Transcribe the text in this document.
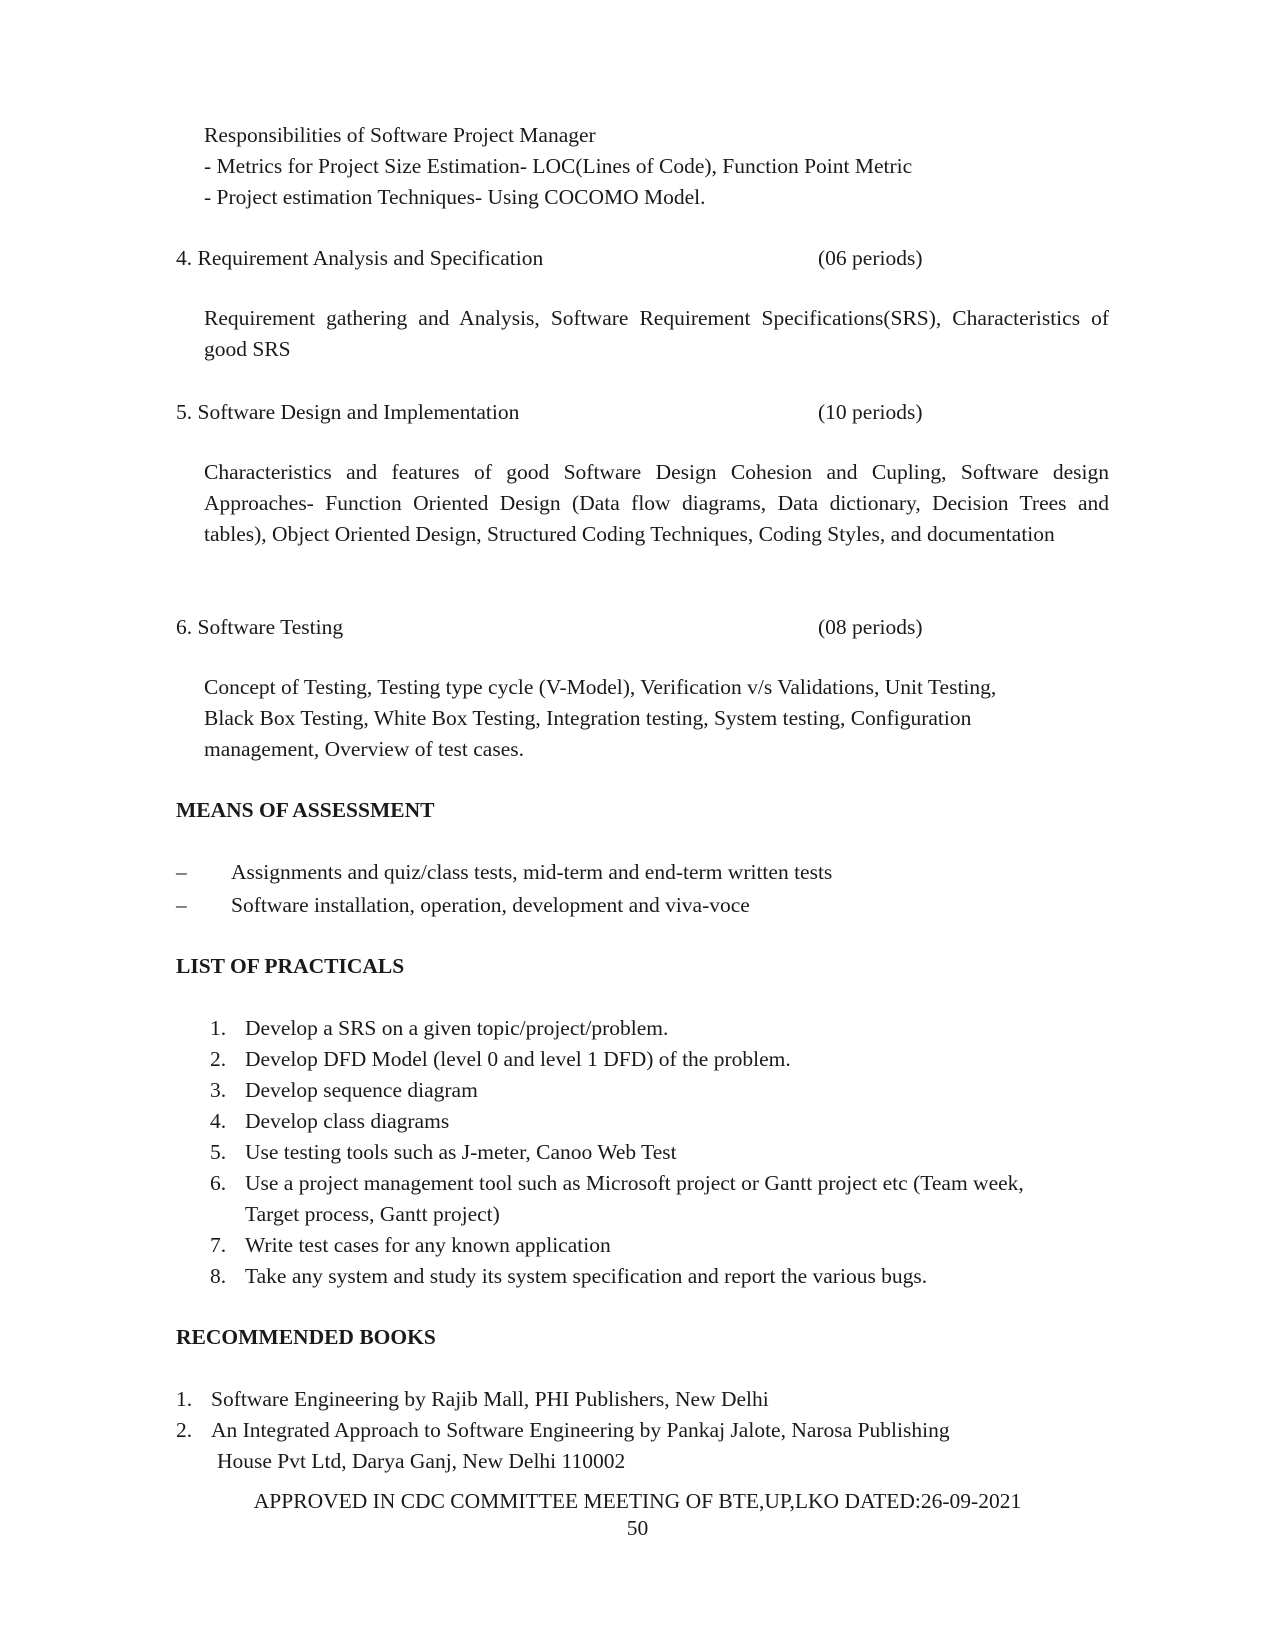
Responsibilities of Software Project Manager
- Metrics for Project Size Estimation- LOC(Lines of Code), Function Point Metric
- Project estimation Techniques- Using COCOMO Model.
4. Requirement Analysis and Specification	(06 periods)
Requirement gathering and Analysis, Software Requirement Specifications(SRS), Characteristics of good SRS
5. Software Design and Implementation	(10 periods)
Characteristics and features of good Software Design Cohesion and Cupling, Software design Approaches- Function Oriented Design (Data flow diagrams, Data dictionary, Decision Trees and tables), Object Oriented Design, Structured Coding Techniques, Coding Styles, and documentation
6. Software Testing	(08 periods)
Concept of Testing, Testing type cycle (V-Model), Verification v/s Validations, Unit Testing,
Black Box Testing, White Box Testing, Integration testing, System testing, Configuration
management, Overview of test cases.
MEANS OF ASSESSMENT
– Assignments and quiz/class tests, mid-term and end-term written tests
– Software installation, operation, development and viva-voce
LIST OF PRACTICALS
1. Develop a SRS on a given topic/project/problem.
2. Develop DFD Model (level 0 and level 1 DFD) of the problem.
3. Develop sequence diagram
4. Develop class diagrams
5. Use testing tools such as J-meter, Canoo Web Test
6. Use a project management tool such as Microsoft project or Gantt project etc (Team week,
Target process, Gantt project)
7. Write test cases for any known application
8. Take any system and study its system specification and report the various bugs.
RECOMMENDED BOOKS
1. Software Engineering by Rajib Mall, PHI Publishers, New Delhi
2. An Integrated Approach to Software Engineering by Pankaj Jalote, Narosa Publishing
House Pvt Ltd, Darya Ganj, New Delhi 110002
APPROVED IN CDC COMMITTEE MEETING OF BTE,UP,LKO DATED:26-09-2021
50
